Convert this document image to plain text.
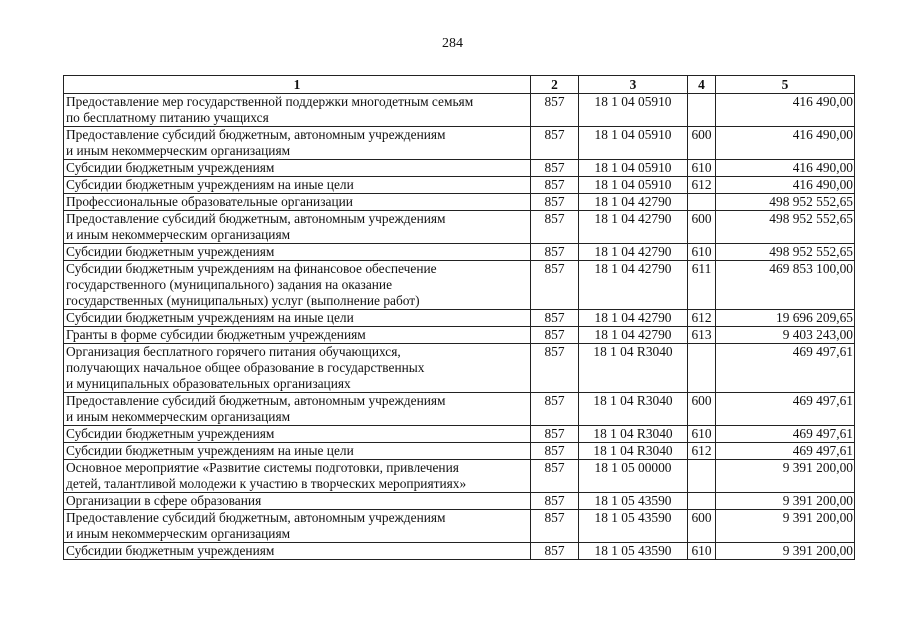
284
1	2	3	4	5
Предоставление мер государственной поддержки многодетным семьям
по бесплатному питанию учащихся	857	18 1 04 05910		416 490,00
Предоставление субсидий бюджетным, автономным учреждениям
и иным некоммерческим организациям	857	18 1 04 05910	600	416 490,00
Субсидии бюджетным учреждениям	857	18 1 04 05910	610	416 490,00
Субсидии бюджетным учреждениям на иные цели	857	18 1 04 05910	612	416 490,00
Профессиональные образовательные организации	857	18 1 04 42790		498 952 552,65
Предоставление субсидий бюджетным, автономным учреждениям
и иным некоммерческим организациям	857	18 1 04 42790	600	498 952 552,65
Субсидии бюджетным учреждениям	857	18 1 04 42790	610	498 952 552,65
Субсидии бюджетным учреждениям на финансовое обеспечение
государственного (муниципального) задания на оказание
государственных (муниципальных) услуг (выполнение работ)	857	18 1 04 42790	611	469 853 100,00
Субсидии бюджетным учреждениям на иные цели	857	18 1 04 42790	612	19 696 209,65
Гранты в форме субсидии бюджетным учреждениям	857	18 1 04 42790	613	9 403 243,00
Организация бесплатного горячего питания обучающихся,
получающих начальное общее образование в государственных
и муниципальных образовательных организациях	857	18 1 04 R3040		469 497,61
Предоставление субсидий бюджетным, автономным учреждениям
и иным некоммерческим организациям	857	18 1 04 R3040	600	469 497,61
Субсидии бюджетным учреждениям	857	18 1 04 R3040	610	469 497,61
Субсидии бюджетным учреждениям на иные цели	857	18 1 04 R3040	612	469 497,61
Основное мероприятие «Развитие системы подготовки, привлечения
детей, талантливой молодежи к участию в творческих мероприятиях»	857	18 1 05 00000		9 391 200,00
Организации в сфере образования	857	18 1 05 43590		9 391 200,00
Предоставление субсидий бюджетным, автономным учреждениям
и иным некоммерческим организациям	857	18 1 05 43590	600	9 391 200,00
Субсидии бюджетным учреждениям	857	18 1 05 43590	610	9 391 200,00
